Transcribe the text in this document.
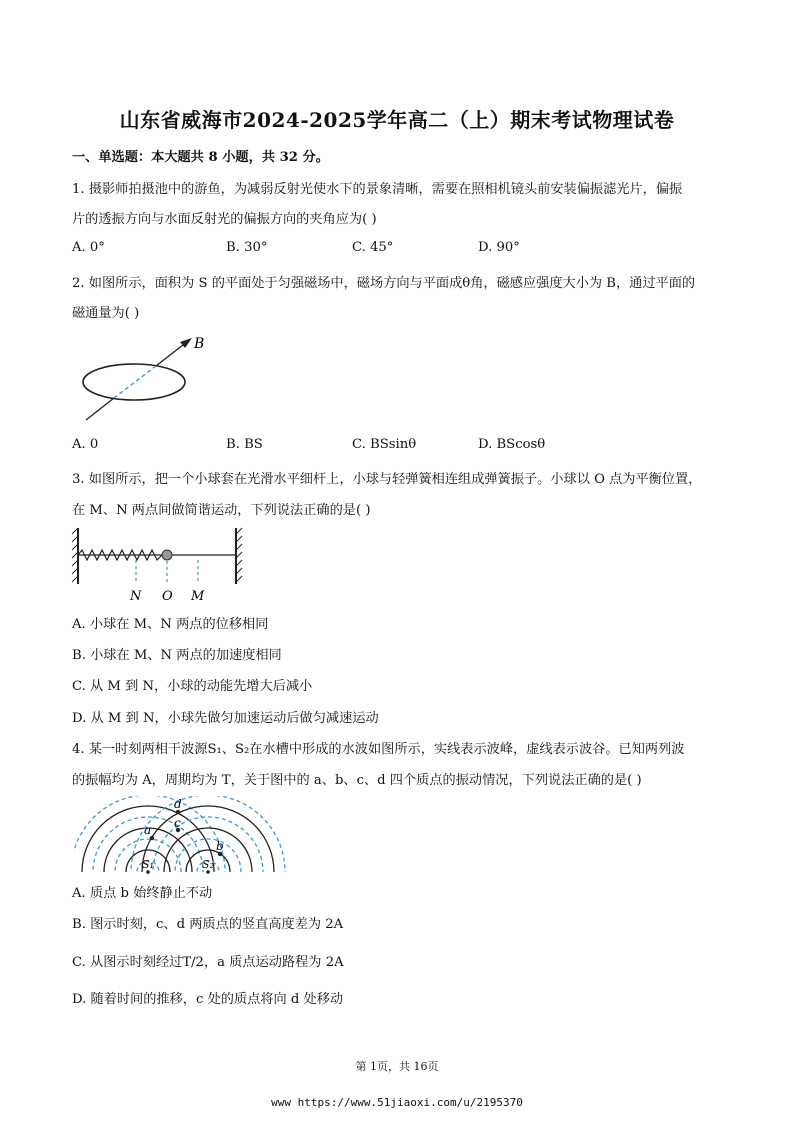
山东省威海市2024-2025学年高二（上）期末考试物理试卷
一、单选题：本大题共 8 小题，共 32 分。
1. 摄影师拍摄池中的游鱼，为减弱反射光使水下的景象清晰，需要在照相机镜头前安装偏振滤光片，偏振
片的透振方向与水面反射光的偏振方向的夹角应为( )
A. 0°	B. 30°	C. 45°	D. 90°
2. 如图所示，面积为 S 的平面处于匀强磁场中，磁场方向与平面成θ角，磁感应强度大小为 B，通过平面的
磁通量为( )
B
A. 0	B. BS	C. BSsinθ	D. BScosθ
3. 如图所示，把一个小球套在光滑水平细杆上，小球与轻弹簧相连组成弹簧振子。小球以 O 点为平衡位置，
在 M、N 两点间做简谐运动，下列说法正确的是( )
N O M
A. 小球在 M、N 两点的位移相同
B. 小球在 M、N 两点的加速度相同
C. 从 M 到 N，小球的动能先增大后减小
D. 从 M 到 N，小球先做匀加速运动后做匀减速运动
4. 某一时刻两相干波源S₁、S₂在水槽中形成的水波如图所示，实线表示波峰，虚线表示波谷。已知两列波
的振幅均为 A，周期均为 T，关于图中的 a、b、c、d 四个质点的振动情况，下列说法正确的是( )
d
c
a
b
S₁	S₂
A. 质点 b 始终静止不动
B. 图示时刻，c、d 两质点的竖直高度差为 2A
C. 从图示时刻经过T/2，a 质点运动路程为 2A
D. 随着时间的推移，c 处的质点将向 d 处移动
第 1页，共 16页
www https://www.51jiaoxi.com/u/2195370
